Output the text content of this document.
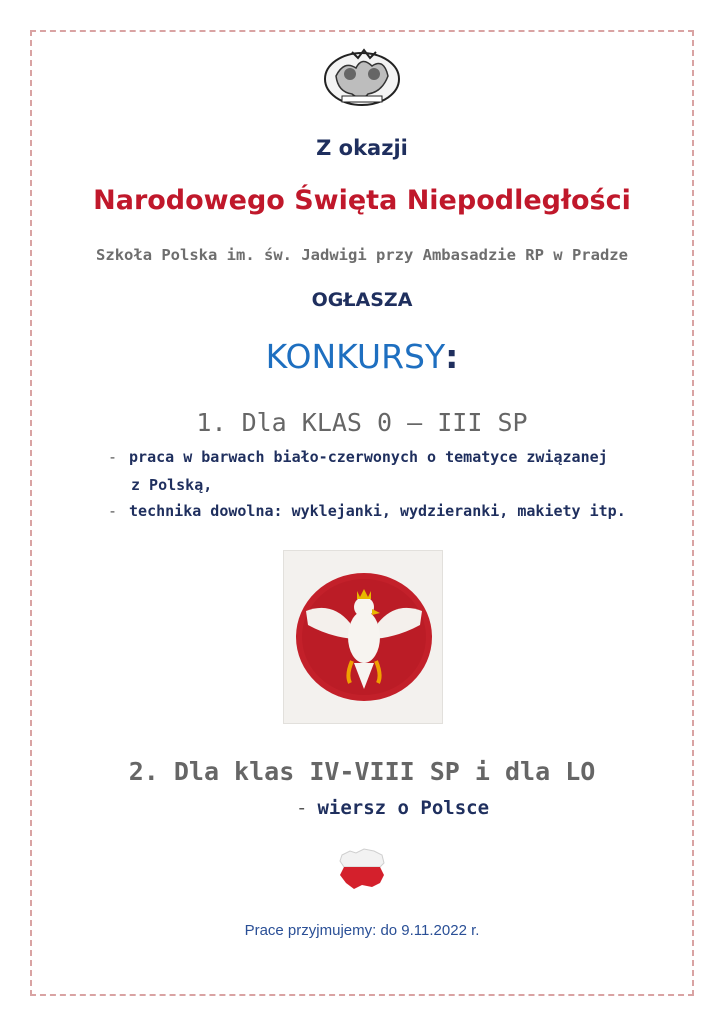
Z okazji
Narodowego Święta Niepodległości
Szkoła Polska im. św. Jadwigi przy Ambasadzie RP w Pradze
OGŁASZA
KONKURSY:
1. Dla KLAS 0 – III SP
- praca w barwach biało-czerwonych o tematyce związanej
z Polską,
- technika dowolna: wyklejanki, wydzieranki, makiety itp.
2. Dla klas IV-VIII SP i dla LO
- wiersz o Polsce
Prace przyjmujemy: do 9.11.2022 r.
